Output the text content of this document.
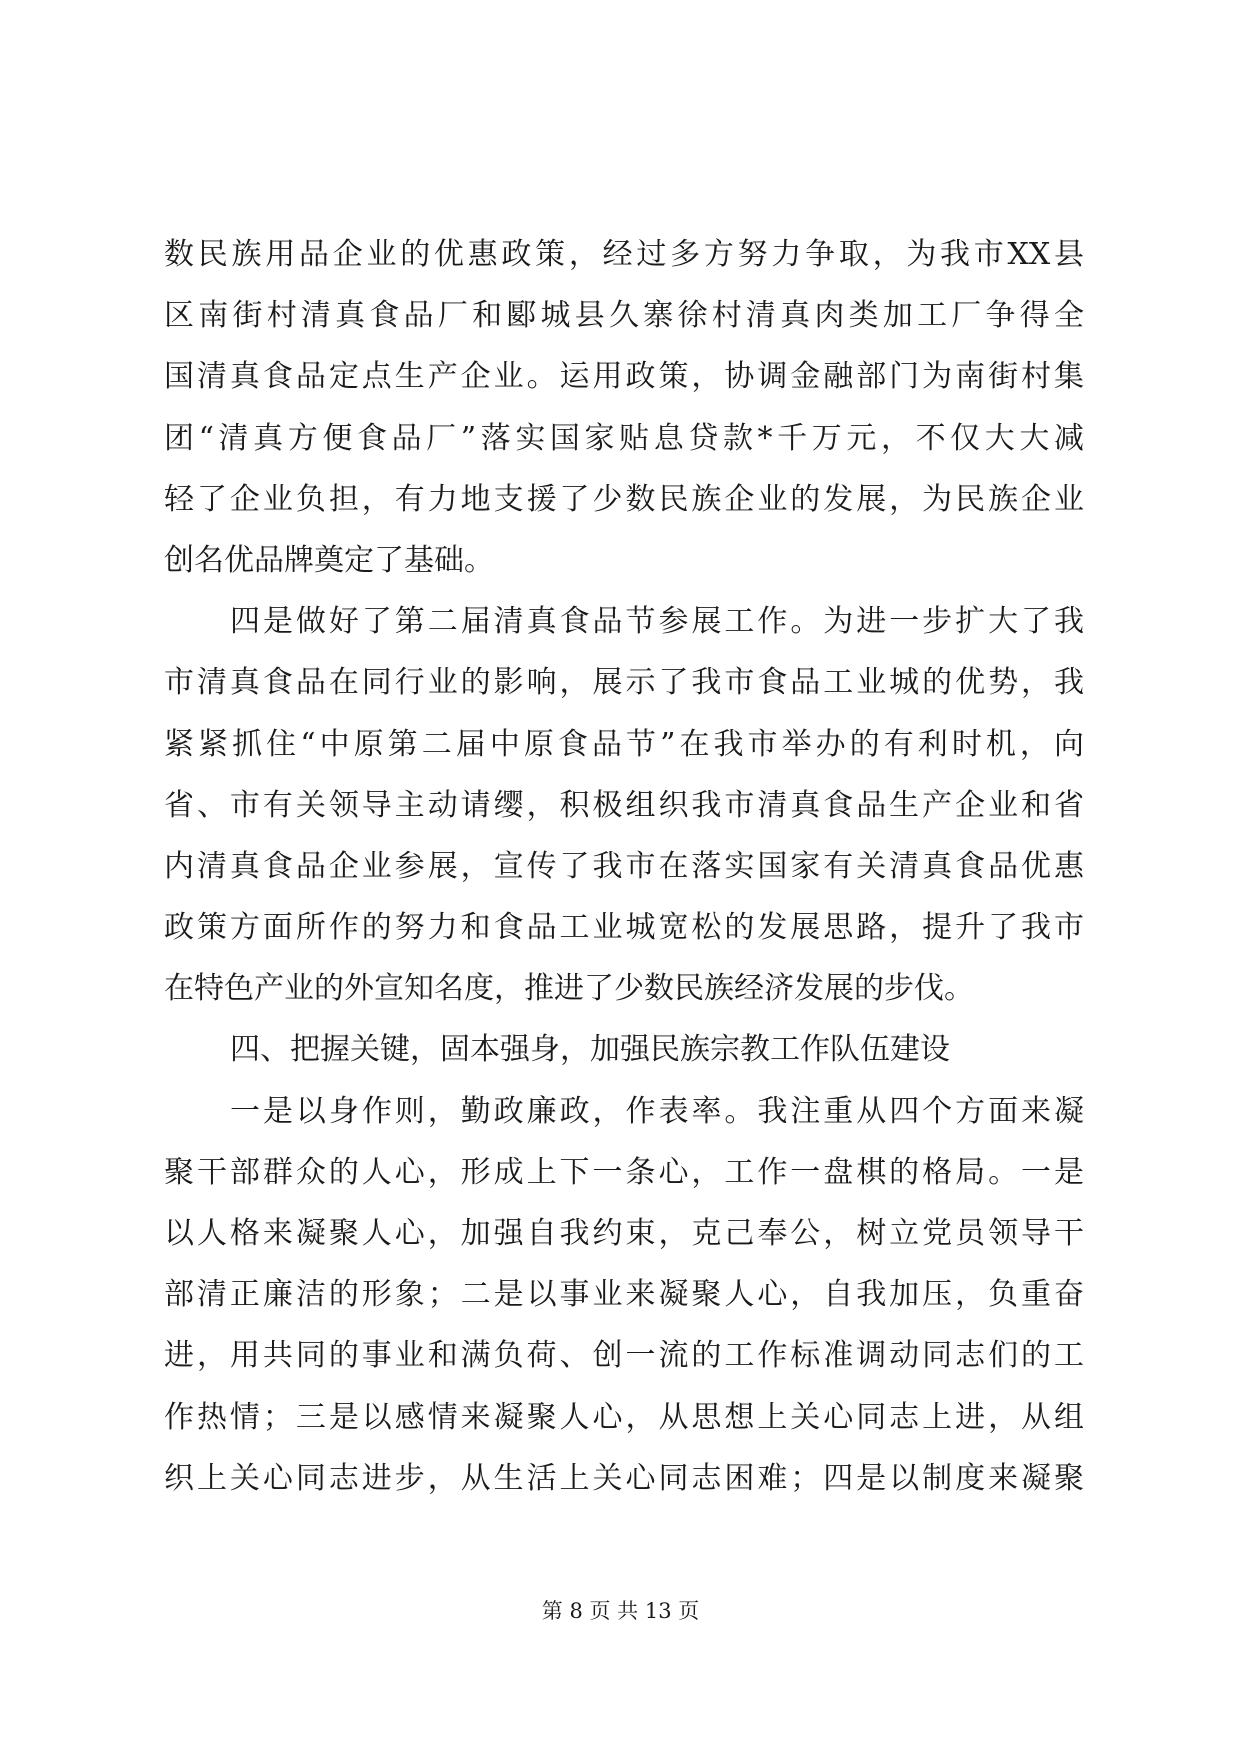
数民族用品企业的优惠政策，经过多方努力争取，为我市XX县
区南街村清真食品厂和郾城县久寨徐村清真肉类加工厂争得全
国清真食品定点生产企业。运用政策，协调金融部门为南街村集
团“清真方便食品厂”落实国家贴息贷款*千万元，不仅大大减
轻了企业负担，有力地支援了少数民族企业的发展，为民族企业
创名优品牌奠定了基础。
四是做好了第二届清真食品节参展工作。为进一步扩大了我
市清真食品在同行业的影响，展示了我市食品工业城的优势，我
紧紧抓住“中原第二届中原食品节”在我市举办的有利时机，向
省、市有关领导主动请缨，积极组织我市清真食品生产企业和省
内清真食品企业参展，宣传了我市在落实国家有关清真食品优惠
政策方面所作的努力和食品工业城宽松的发展思路，提升了我市
在特色产业的外宣知名度，推进了少数民族经济发展的步伐。
四、把握关键，固本强身，加强民族宗教工作队伍建设
一是以身作则，勤政廉政，作表率。我注重从四个方面来凝
聚干部群众的人心，形成上下一条心，工作一盘棋的格局。一是
以人格来凝聚人心，加强自我约束，克己奉公，树立党员领导干
部清正廉洁的形象；二是以事业来凝聚人心，自我加压，负重奋
进，用共同的事业和满负荷、创一流的工作标准调动同志们的工
作热情；三是以感情来凝聚人心，从思想上关心同志上进，从组
织上关心同志进步，从生活上关心同志困难；四是以制度来凝聚
第 8 页 共 13 页
